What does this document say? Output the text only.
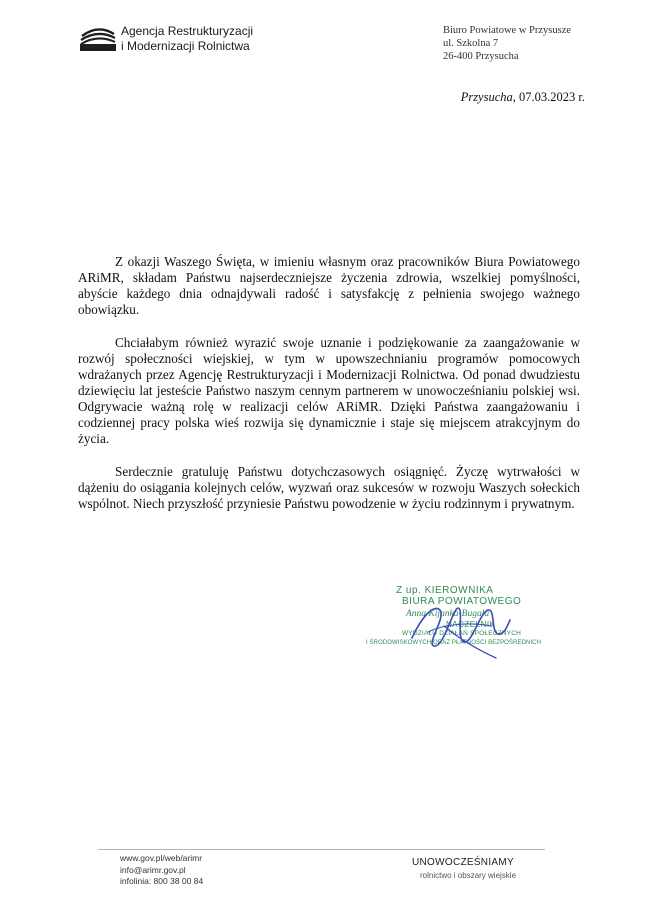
Agencja Restrukturyzacji
i Modernizacji Rolnictwa
Biuro Powiatowe w Przysusze
ul. Szkolna 7
26-400 Przysucha
Przysucha, 07.03.2023 r.

Z okazji Waszego Święta, w imieniu własnym oraz pracowników Biura Powiatowego ARiMR, składam Państwu najserdeczniejsze życzenia zdrowia, wszelkiej pomyślności, abyście każdego dnia odnajdywali radość i satysfakcję z pełnienia swojego ważnego obowiązku.

Chciałabym również wyrazić swoje uznanie i podziękowanie za zaangażowanie w rozwój społeczności wiejskiej, w tym w upowszechnianiu programów pomocowych wdrażanych przez Agencję Restrukturyzacji i Modernizacji Rolnictwa. Od ponad dwudziestu dziewięciu lat jesteście Państwo naszym cennym partnerem w unowocześnianiu polskiej wsi. Odgrywacie ważną rolę w realizacji celów ARiMR. Dzięki Państwa zaangażowaniu i codziennej pracy polska wieś rozwija się dynamicznie i staje się miejscem atrakcyjnym do życia.

Serdecznie gratuluję Państwu dotychczasowych osiągnięć. Życzę wytrwałości w dążeniu do osiągania kolejnych celów, wyzwań oraz sukcesów w rozwoju Waszych sołeckich wspólnot. Niech przyszłość przyniesie Państwu powodzenie w życiu rodzinnym i prywatnym.

Z up. KIEROWNIKA
BIURA POWIATOWEGO
Anna Kijanka-Bugała
NACZELNIK
WYDZIAŁU DZIAŁAŃ SPOŁECZNYCH
I ŚRODOWISKOWYCH ORAZ PŁATNOŚCI BEZPOŚREDNICH
www.gov.pl/web/arimr
info@arimr.gov.pl
infolinia: 800 38 00 84
UNOWOCZEŚNIAMY
rolnictwo i obszary wiejskie
